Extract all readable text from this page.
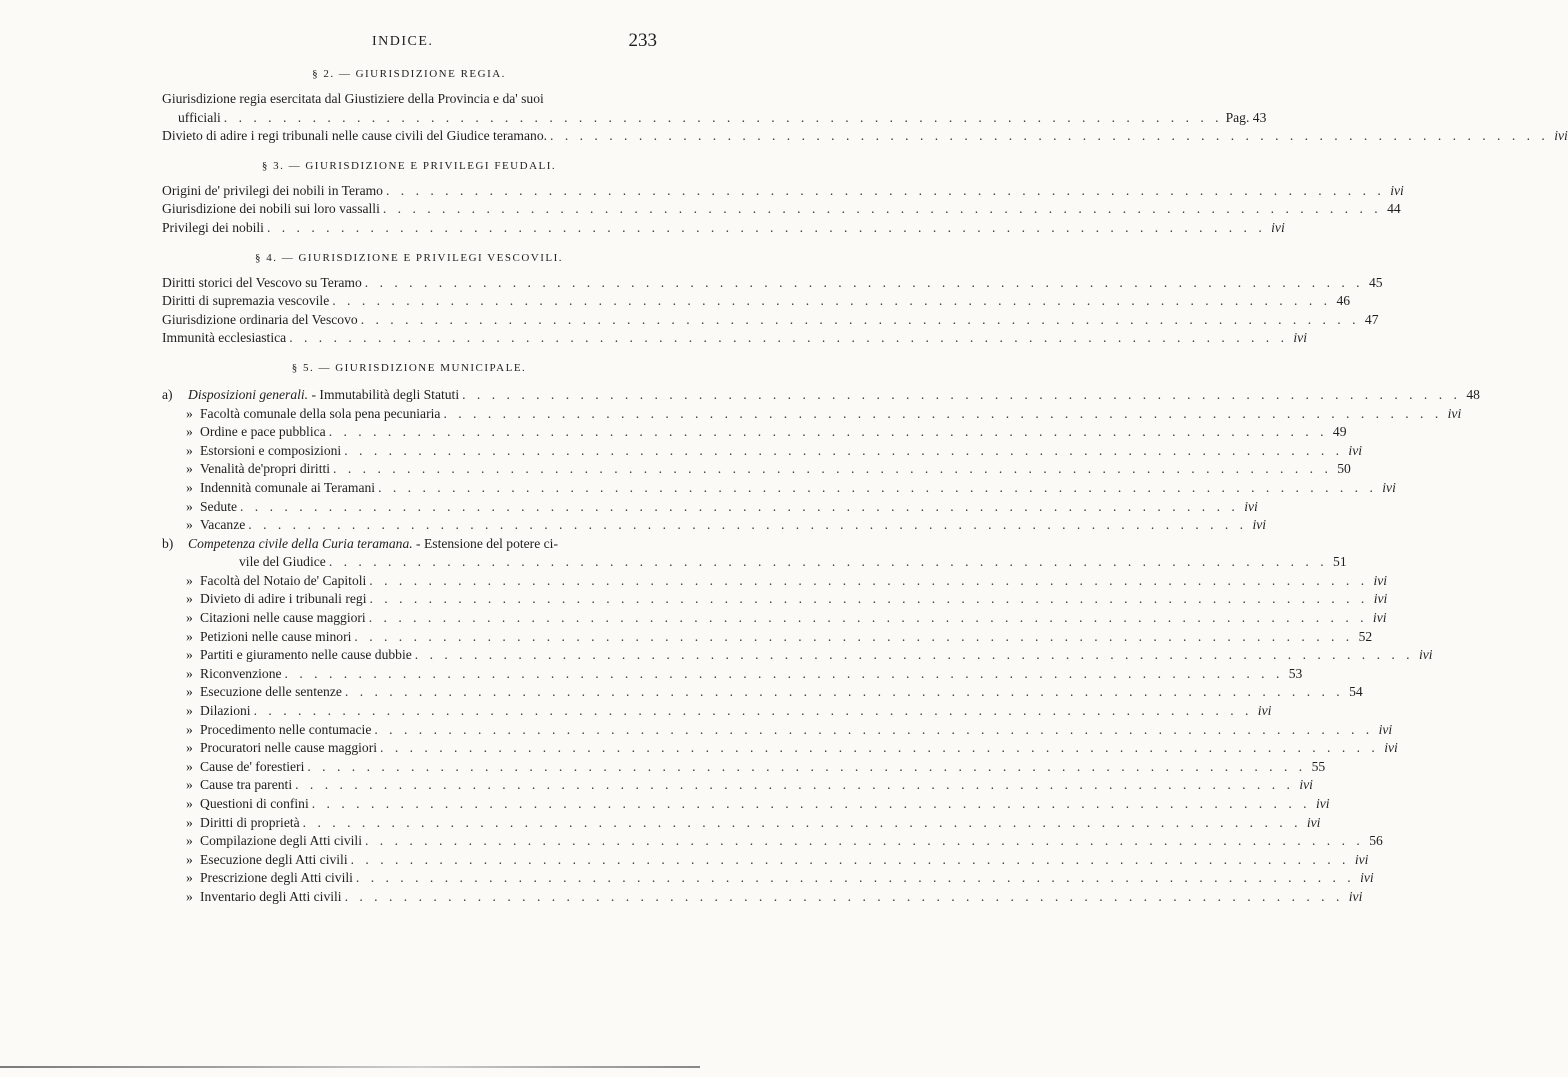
INDICE.	233
§ 2. — GIURISDIZIONE REGIA.
Giurisdizione regia esercitata dal Giustiziere della Provincia e da' suoi
ufficiali . . .	Pag. 43
Divieto di adire i regi tribunali nelle cause civili del Giudice teramano. . . .	ivi
§ 3. — GIURISDIZIONE E PRIVILEGI FEUDALI.
Origini de' privilegi dei nobili in Teramo . . .	ivi
Giurisdizione dei nobili sui loro vassalli . . .	44
Privilegi dei nobili . . .	ivi
§ 4. — GIURISDIZIONE E PRIVILEGI VESCOVILI.
Diritti storici del Vescovo su Teramo . . .	45
Diritti di supremazia vescovile . . .	46
Giurisdizione ordinaria del Vescovo . . .	47
Immunità ecclesiastica . . .	ivi
§ 5. — GIURISDIZIONE MUNICIPALE.
a)	Disposizioni generali. - Immutabilità degli Statuti . . .	48
» Facoltà comunale della sola pena pecuniaria . . .	ivi
» Ordine e pace pubblica . . .	49
» Estorsioni e composizioni . . .	ivi
» Venalità de'propri diritti . . .	50
» Indennità comunale ai Teramani . . .	ivi
» Sedute . . .	ivi
» Vacanze . . .	ivi
b)	Competenza civile della Curia teramana. - Estensione del potere ci-
vile del Giudice . . .	51
» Facoltà del Notaio de' Capitoli . . .	ivi
» Divieto di adire i tribunali regi . . .	ivi
» Citazioni nelle cause maggiori . . .	ivi
» Petizioni nelle cause minori . . .	52
» Partiti e giuramento nelle cause dubbie . . .	ivi
» Riconvenzione . . .	53
» Esecuzione delle sentenze . . .	54
» Dilazioni . . .	ivi
» Procedimento nelle contumacie . . .	ivi
» Procuratori nelle cause maggiori . . .	ivi
» Cause de' forestieri . . .	55
» Cause tra parenti . . .	ivi
» Questioni di confini . . .	ivi
» Diritti di proprietà . . .	ivi
» Compilazione degli Atti civili . . .	56
» Esecuzione degli Atti civili . . .	ivi
» Prescrizione degli Atti civili . . .	ivi
» Inventario degli Atti civili . . .	ivi
